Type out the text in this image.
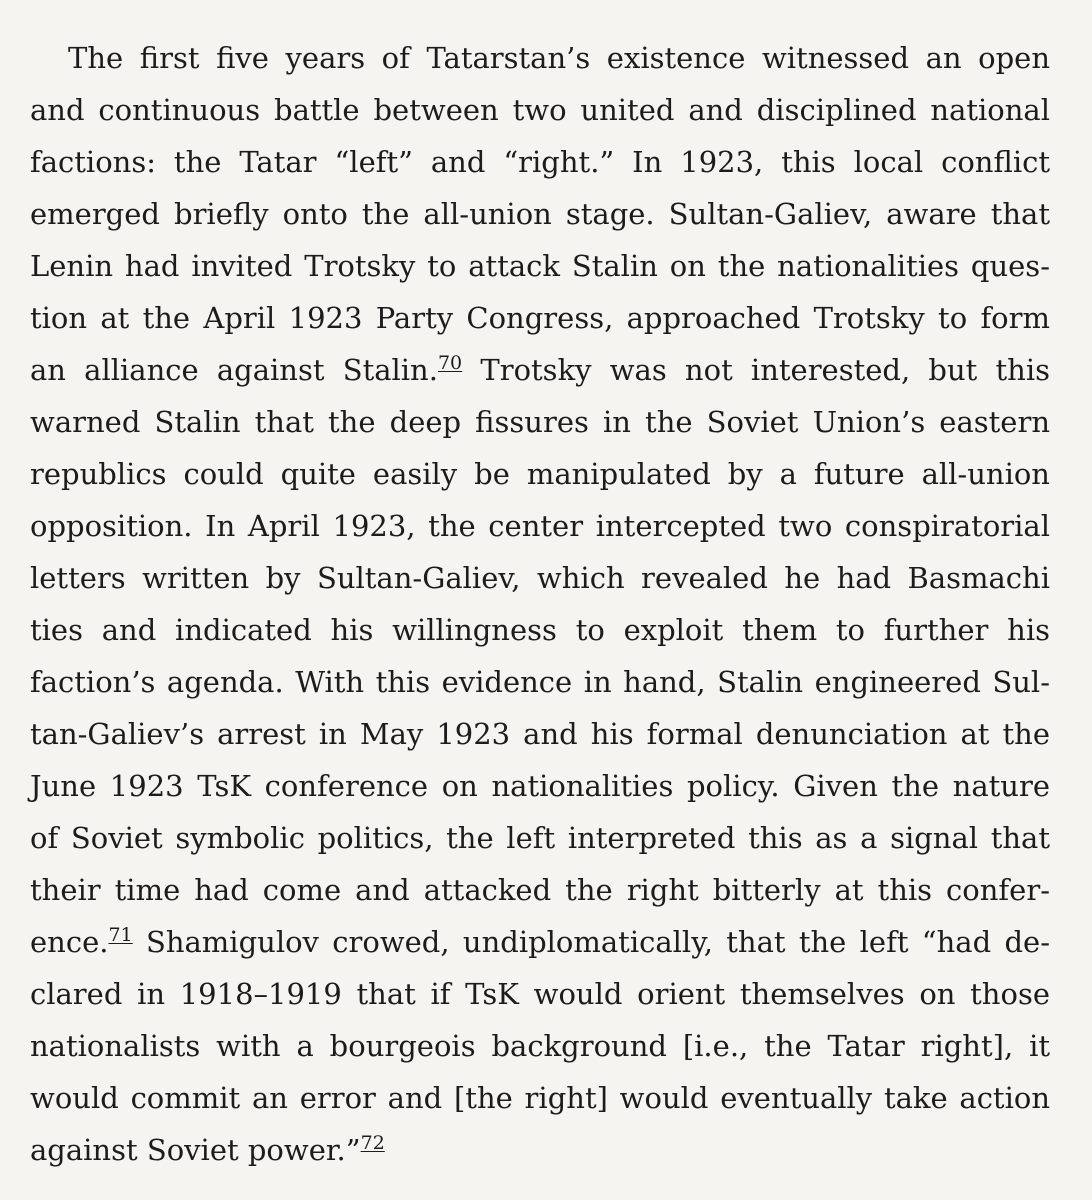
The first five years of Tatarstan’s existence witnessed an open
and continuous battle between two united and disciplined national
factions: the Tatar “left” and “right.” In 1923, this local conflict
emerged briefly onto the all-union stage. Sultan-Galiev, aware that
Lenin had invited Trotsky to attack Stalin on the nationalities ques-
tion at the April 1923 Party Congress, approached Trotsky to form
an alliance against Stalin.$^{70}$ Trotsky was not interested, but this
warned Stalin that the deep fissures in the Soviet Union’s eastern
republics could quite easily be manipulated by a future all-union
opposition. In April 1923, the center intercepted two conspiratorial
letters written by Sultan-Galiev, which revealed he had Basmachi
ties and indicated his willingness to exploit them to further his
faction’s agenda. With this evidence in hand, Stalin engineered Sul-
tan-Galiev’s arrest in May 1923 and his formal denunciation at the
June 1923 TsK conference on nationalities policy. Given the nature
of Soviet symbolic politics, the left interpreted this as a signal that
their time had come and attacked the right bitterly at this confer-
ence.$^{71}$ Shamigulov crowed, undiplomatically, that the left “had de-
clared in 1918–1919 that if TsK would orient themselves on those
nationalists with a bourgeois background [i.e., the Tatar right], it
would commit an error and [the right] would eventually take action
against Soviet power.”$^{72}$
